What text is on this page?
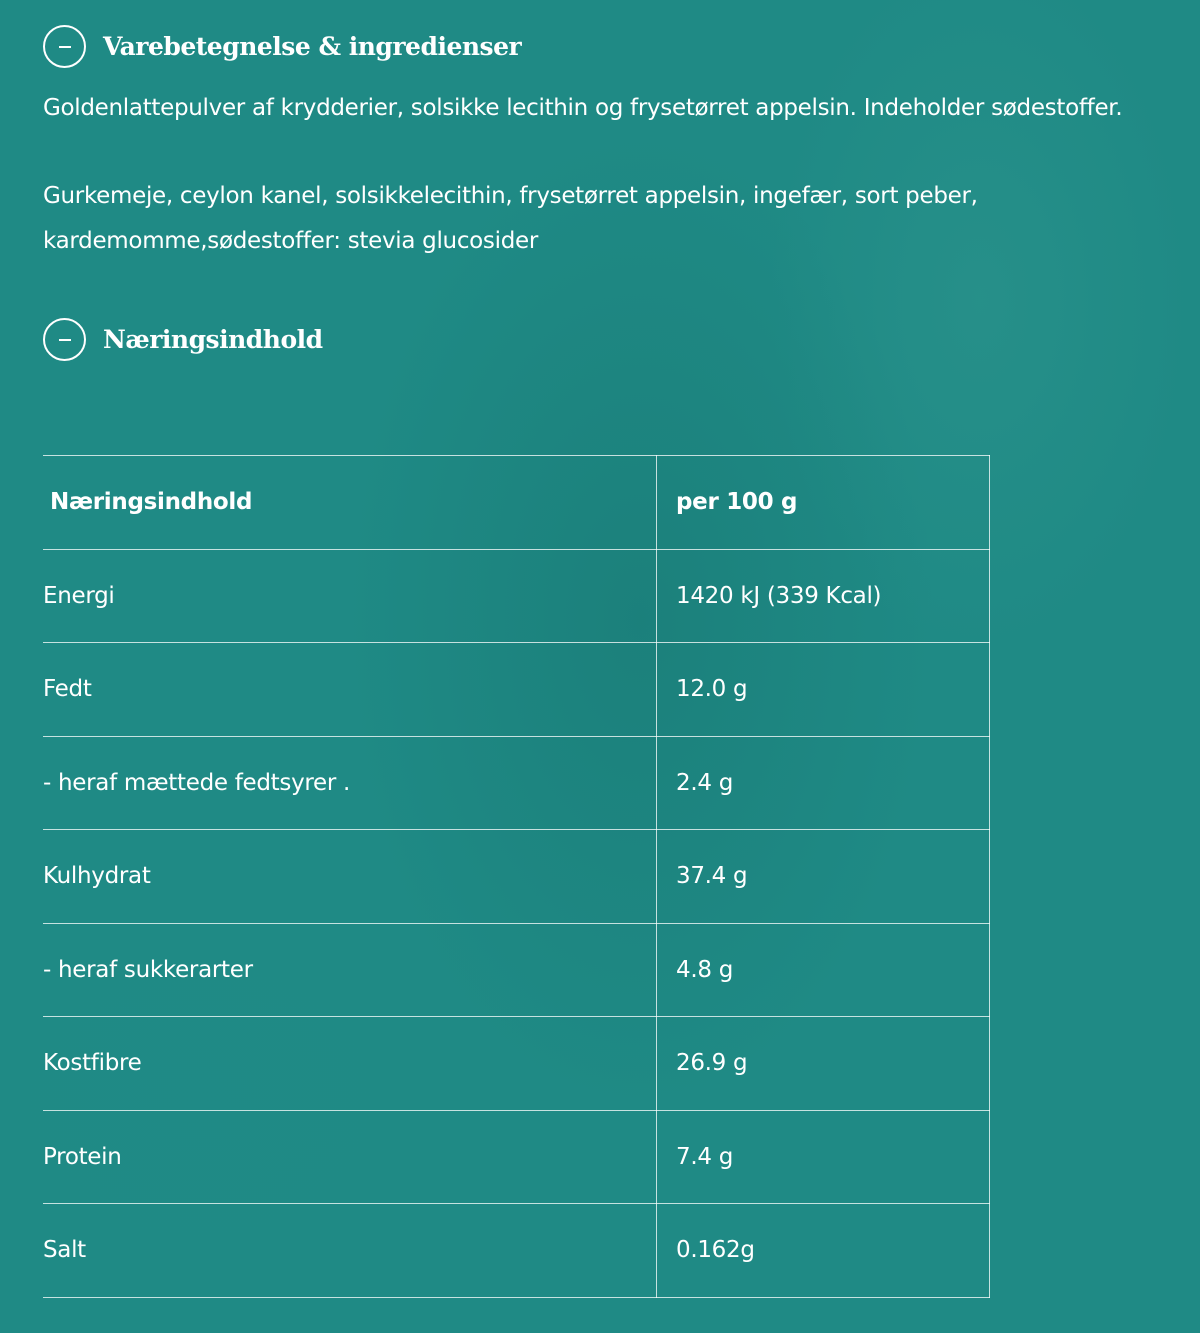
Varebetegnelse & ingredienser

Goldenlattepulver af krydderier, solsikke lecithin og frysetørret appelsin. Indeholder sødestoffer.

Gurkemeje, ceylon kanel, solsikkelecithin, frysetørret appelsin, ingefær, sort peber, kardemomme,sødestoffer: stevia glucosider

Næringsindhold
Næringsindhold	per 100 g
Energi	1420 kJ (339 Kcal)
Fedt	12.0 g
- heraf mættede fedtsyrer .	2.4 g
Kulhydrat	37.4 g
- heraf sukkerarter	4.8 g
Kostfibre	26.9 g
Protein	7.4 g
Salt	0.162g
